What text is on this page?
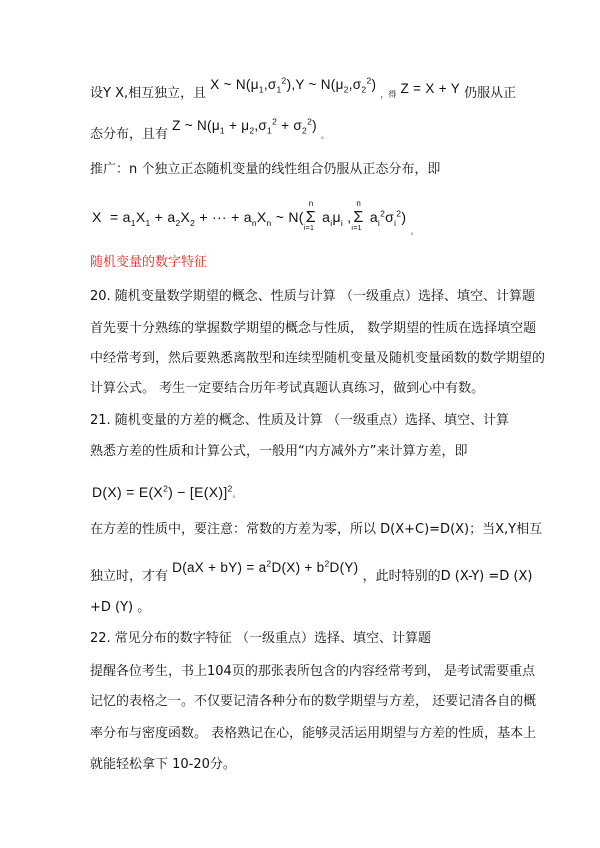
设Y X,相互独立，且 X ~ $N(\mu_1,\sigma_1^2),Y$ ~ $N(\mu_2,\sigma_2^2)$ ，得 Z = X + Y 仍服从正
态分布，且有 Z ~ $N(\mu_1 + \mu_2,\sigma_1^2 + \sigma_2^2)$ 。
推广：n 个独立正态随机变量的线性组合仍服从正态分布，即
$X = a_1X_1 + a_2X_2$ + ··· + $a_nX_n$ ~ N(
n
Σ
i=1
$a_i\mu_i$ ,
n
Σ
i=1
$a_i^2\sigma_i^2$) $_。$
随机变量的数字特征
20. 随机变量数学期望的概念、性质与计算 （一级重点）选择、填空、计算题
首先要十分熟练的掌握数学期望的概念与性质， 数学期望的性质在选择填空题
中经常考到，然后要熟悉离散型和连续型随机变量及随机变量函数的数学期望的
计算公式。 考生一定要结合历年考试真题认真练习，做到心中有数。
21. 随机变量的方差的概念、性质及计算 （一级重点）选择、填空、计算
熟悉方差的性质和计算公式，一般用“内方减外方”来计算方差，即
$D(X) = E(X^2) - [E(X)]^2$。
在方差的性质中，要注意：常数的方差为零，所以 D(X+C)=D(X)；当X,Y相互
独立时，才有 $D(aX + bY) = a^2D(X) + b^2D(Y)$ ，此时特别的D (X-Y) =D (X)
+D (Y) 。
22. 常见分布的数字特征 （一级重点）选择、填空、计算题
提醒各位考生，书上104页的那张表所包含的内容经常考到， 是考试需要重点
记忆的表格之一。不仅要记清各种分布的数学期望与方差， 还要记清各自的概
率分布与密度函数。 表格熟记在心，能够灵活运用期望与方差的性质，基本上
就能轻松拿下 10-20分。
